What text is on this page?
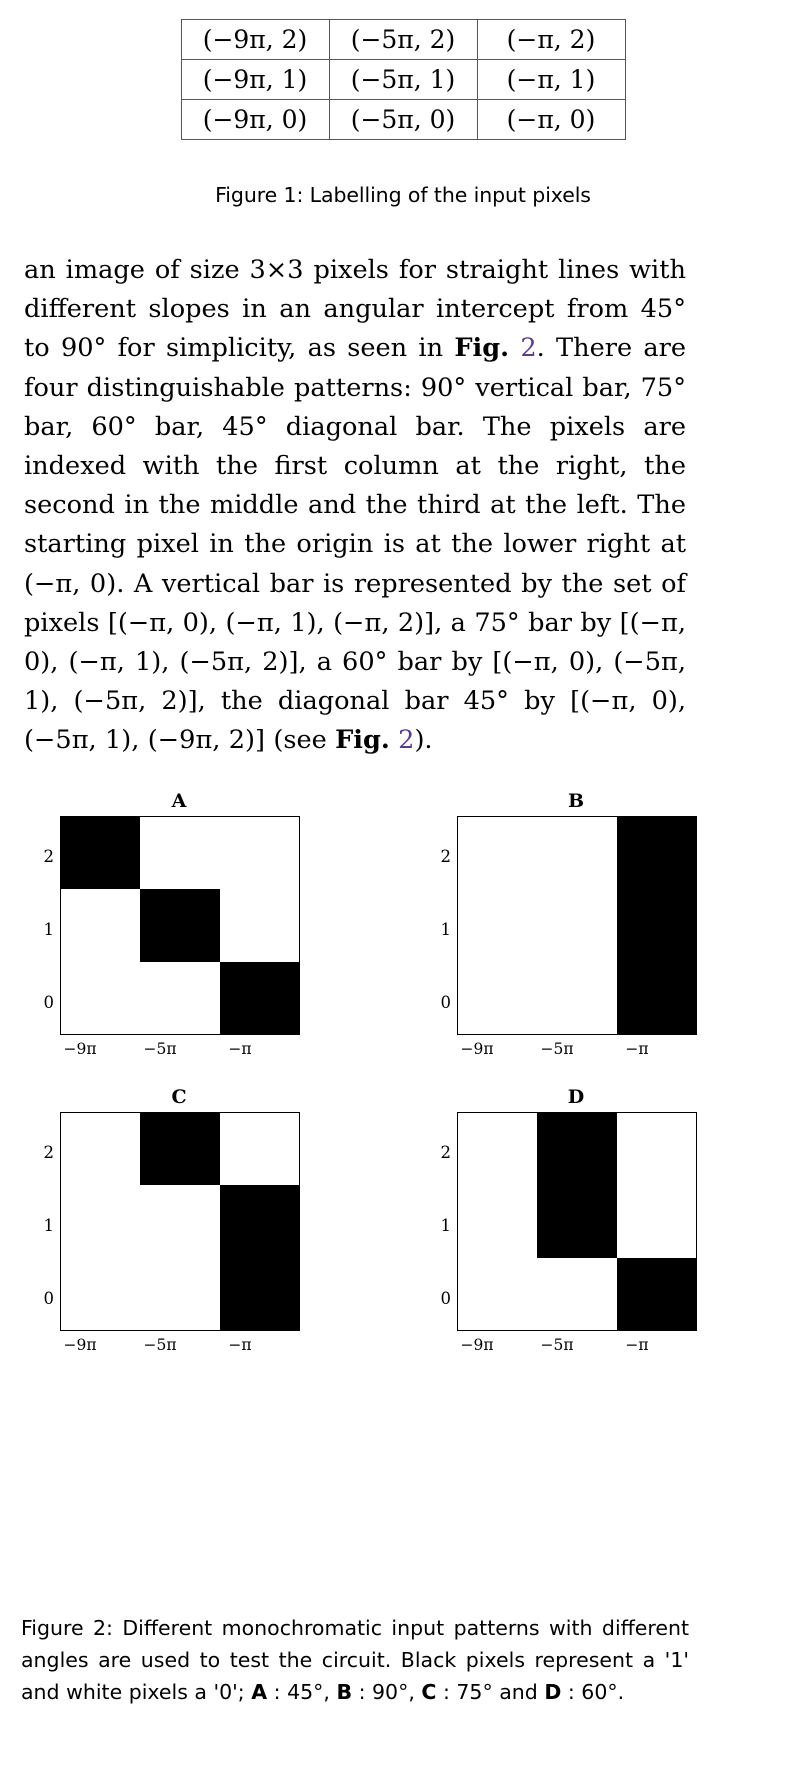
(−9π, 2)	(−5π, 2)	(−π, 2)
(−9π, 1)	(−5π, 1)	(−π, 1)
(−9π, 0)	(−5π, 0)	(−π, 0)
Figure 1: Labelling of the input pixels
an image of size 3×3 pixels for straight lines with different slopes in an angular intercept from 45° to 90° for simplicity, as seen in Fig. 2. There are four distinguishable patterns: 90° vertical bar, 75° bar, 60° bar, 45° diagonal bar. The pixels are indexed with the first column at the right, the second in the middle and the third at the left. The starting pixel in the origin is at the lower right at (−π, 0). A vertical bar is represented by the set of pixels [(−π, 0), (−π, 1), (−π, 2)], a 75° bar by [(−π, 0), (−π, 1), (−5π, 2)], a 60° bar by [(−π, 0), (−5π, 1), (−5π, 2)], the diagonal bar 45° by [(−π, 0), (−5π, 1), (−9π, 2)] (see Fig. 2).
A
2
1
0
−9π	−5π	−π
B
2
1
0
−9π	−5π	−π
C
2
1
0
−9π	−5π	−π
D
2
1
0
−9π	−5π	−π
Figure 2: Different monochromatic input patterns with different angles are used to test the circuit. Black pixels represent a '1' and white pixels a '0'; A : 45°, B : 90°, C : 75° and D : 60°.
